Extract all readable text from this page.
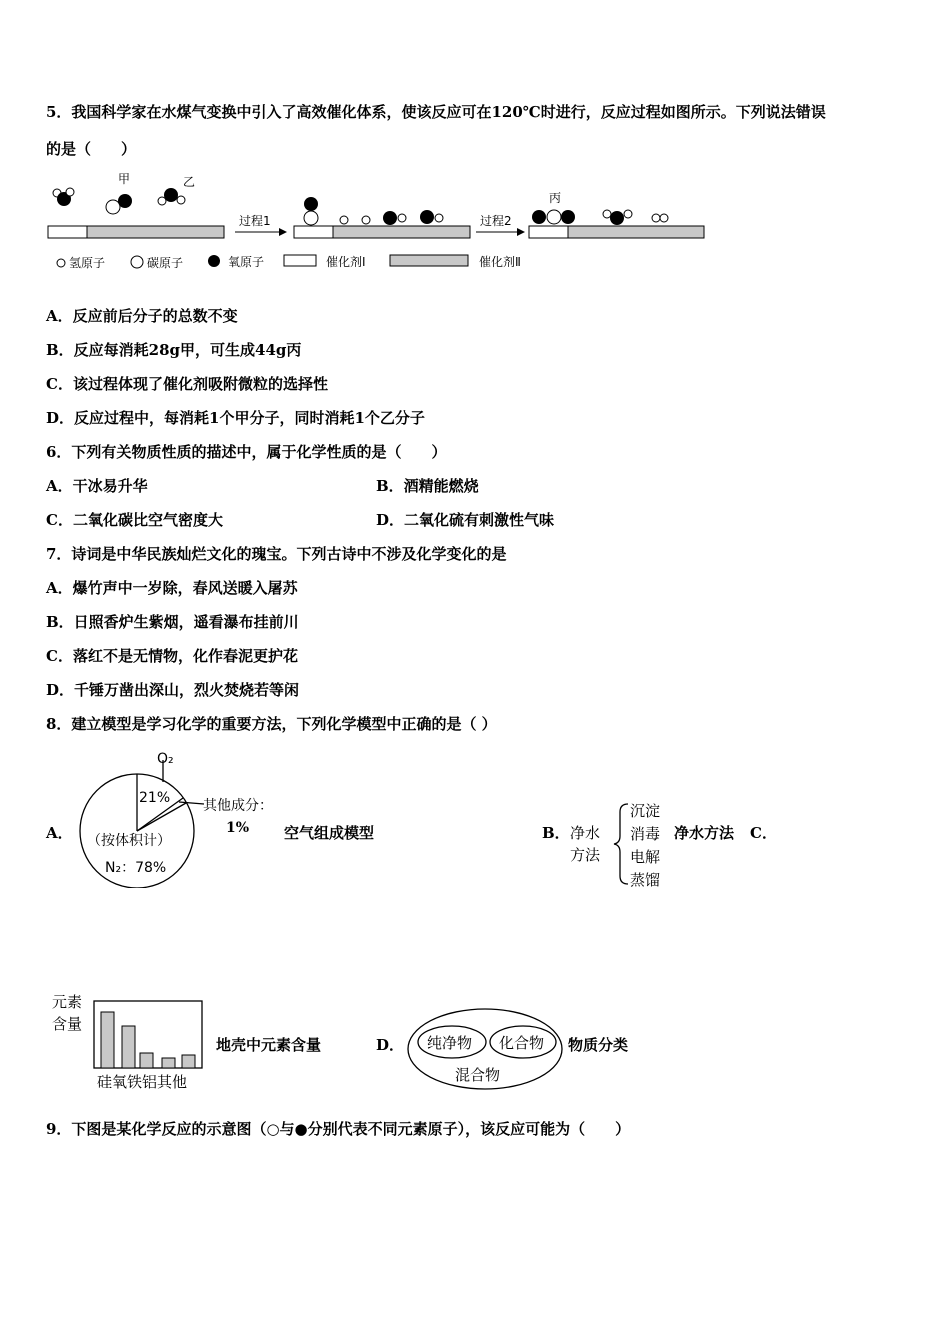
5．我国科学家在水煤气变换中引入了高效催化体系，使该反应可在120℃时进行，反应过程如图所示。下列说法错误
的是（　　）
甲	乙
丙
过程1	过程2
氢原子	碳原子	氧原子	催化剂Ⅰ	催化剂Ⅱ
A．反应前后分子的总数不变
B．反应每消耗28g甲，可生成44g丙
C．该过程体现了催化剂吸附微粒的选择性
D．反应过程中，每消耗1个甲分子，同时消耗1个乙分子
6．下列有关物质性质的描述中，属于化学性质的是（　　）
A．干冰易升华	B．酒精能燃烧
C．二氧化碳比空气密度大	D．二氧化硫有刺激性气味
7．诗词是中华民族灿烂文化的瑰宝。下列古诗中不涉及化学变化的是
A．爆竹声中一岁除，春风送暖入屠苏
B．日照香炉生紫烟，遥看瀑布挂前川
C．落红不是无情物，化作春泥更护花
D．千锤万凿出深山，烈火焚烧若等闲
8．建立模型是学习化学的重要方法，下列化学模型中正确的是（ ）
A．
O₂
21% 其他成分：
（按体积计）
N₂：78%
1% 空气组成模型	B． 净水
方法
沉淀
消毒
电解
蒸馏
净水方法 C．
元素
含量
硅氧铁铝其他
地壳中元素含量	D． 纯净物 化合物
混合物
物质分类
9．下图是某化学反应的示意图（○与●分别代表不同元素原子），该反应可能为（　　）
